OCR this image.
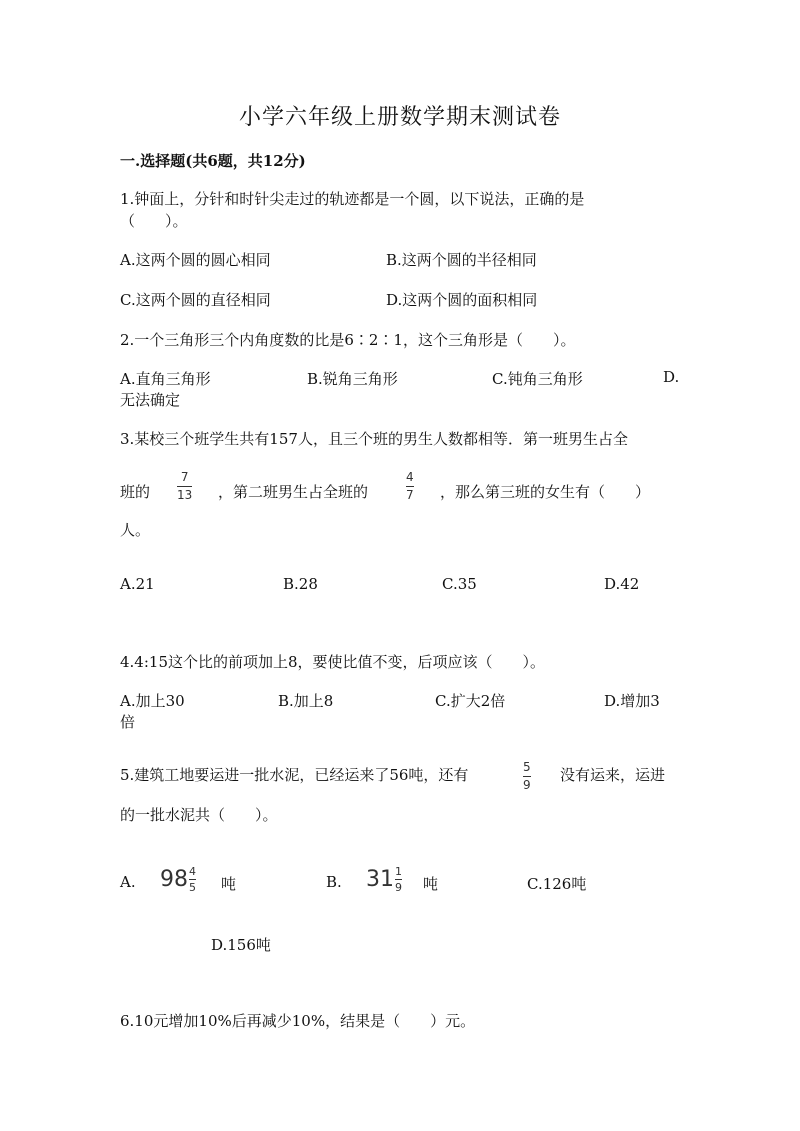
小学六年级上册数学期末测试卷
一.选择题(共6题，共12分)
1.钟面上，分针和时针尖走过的轨迹都是一个圆，以下说法，正确的是
（　　）。
A.这两个圆的圆心相同	B.这两个圆的半径相同
C.这两个圆的直径相同	D.这两个圆的面积相同
2.一个三角形三个内角度数的比是6∶2∶1，这个三角形是（　　）。
A.直角三角形	B.锐角三角形	C.钝角三角形	D.
无法确定
3.某校三个班学生共有157人，且三个班的男生人数都相等．第一班男生占全
班的
7
13 ，第二班男生占全班的
4
7 ，那么第三班的女生有（　　）
人。
A.21	B.28	C.35	D.42
4.4:15这个比的前项加上8，要使比值不变，后项应该（　　）。
A.加上30	B.加上8	C.扩大2倍	D.增加3
倍
5.建筑工地要运进一批水泥，已经运来了56吨，还有	5
9
没有运来，运进
的一批水泥共（　　）。
A. $98 \frac{4}{5}$ 吨	B. $31 \frac{1}{9}$ 吨	C.126吨
D.156吨
6.10元增加10%后再减少10%，结果是（　　）元。
